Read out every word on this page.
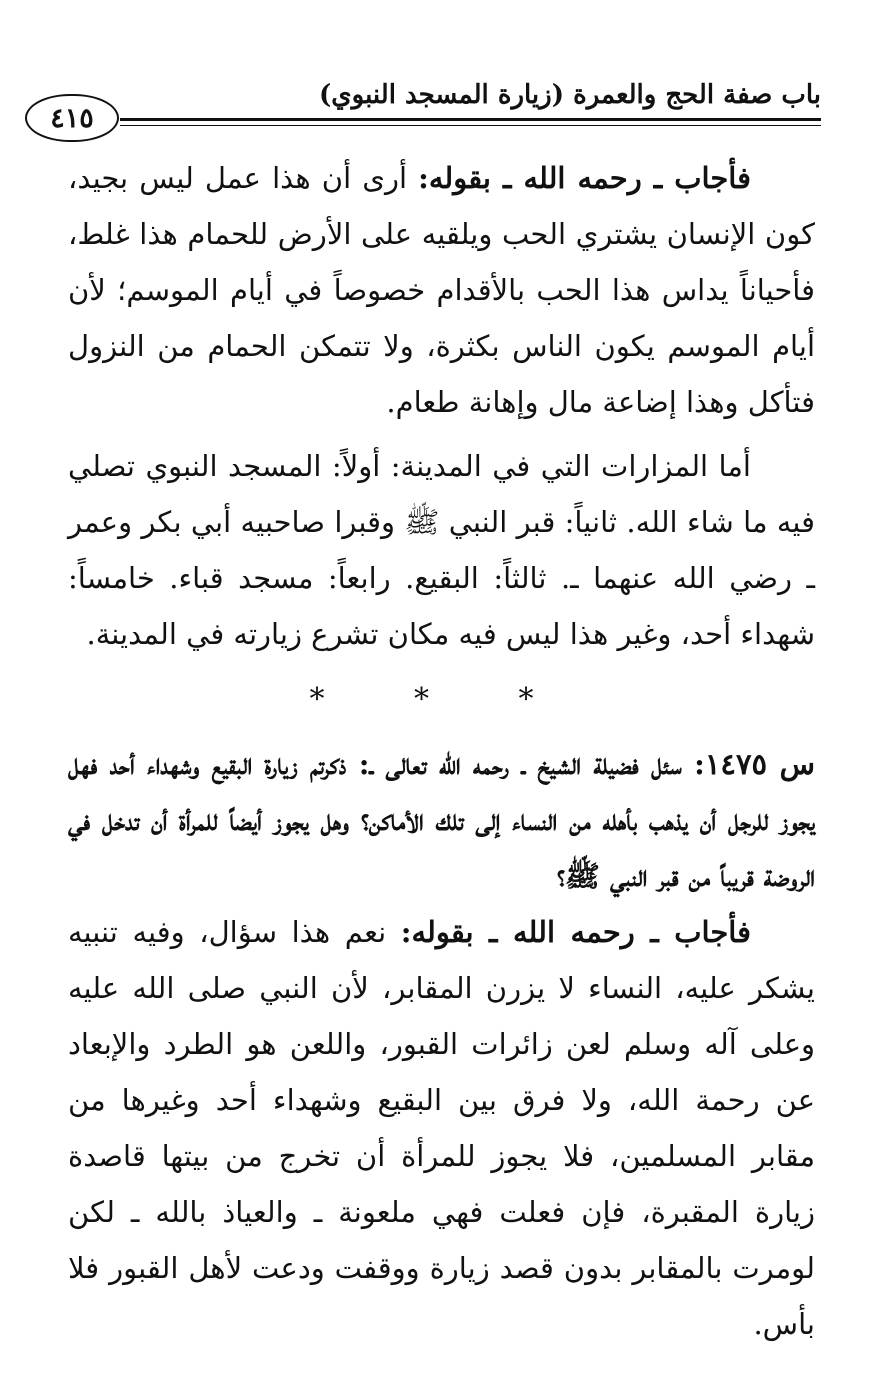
٤١٥
باب صفة الحج والعمرة (زيارة المسجد النبوي)

فأجاب ـ رحمه الله ـ بقوله: أرى أن هذا عمل ليس بجيد، كون الإنسان يشتري الحب ويلقيه على الأرض للحمام هذا غلط، فأحياناً يداس هذا الحب بالأقدام خصوصاً في أيام الموسم؛ لأن أيام الموسم يكون الناس بكثرة، ولا تتمكن الحمام من النزول فتأكل وهذا إضاعة مال وإهانة طعام.

أما المزارات التي في المدينة: أولاً: المسجد النبوي تصلي فيه ما شاء الله. ثانياً: قبر النبي ﷺ وقبرا صاحبيه أبي بكر وعمر ـ رضي الله عنهما ـ. ثالثاً: البقيع. رابعاً: مسجد قباء. خامساً: شهداء أحد، وغير هذا ليس فيه مكان تشرع زيارته في المدينة.

* * *

س ١٤٧٥: سئل فضيلة الشيخ ـ رحمه الله تعالى ـ: ذكرتم زيارة البقيع وشهداء أحد فهل يجوز للرجل أن يذهب بأهله من النساء إلى تلك الأماكن؟ وهل يجوز أيضاً للمرأة أن تدخل في الروضة قريباً من قبر النبي ﷺ؟

فأجاب ـ رحمه الله ـ بقوله: نعم هذا سؤال، وفيه تنبيه يشكر عليه، النساء لا يزرن المقابر، لأن النبي صلى الله عليه وعلى آله وسلم لعن زائرات القبور، واللعن هو الطرد والإبعاد عن رحمة الله، ولا فرق بين البقيع وشهداء أحد وغيرها من مقابر المسلمين، فلا يجوز للمرأة أن تخرج من بيتها قاصدة زيارة المقبرة، فإن فعلت فهي ملعونة ـ والعياذ بالله ـ لكن لومرت بالمقابر بدون قصد زيارة ووقفت ودعت لأهل القبور فلا بأس.
